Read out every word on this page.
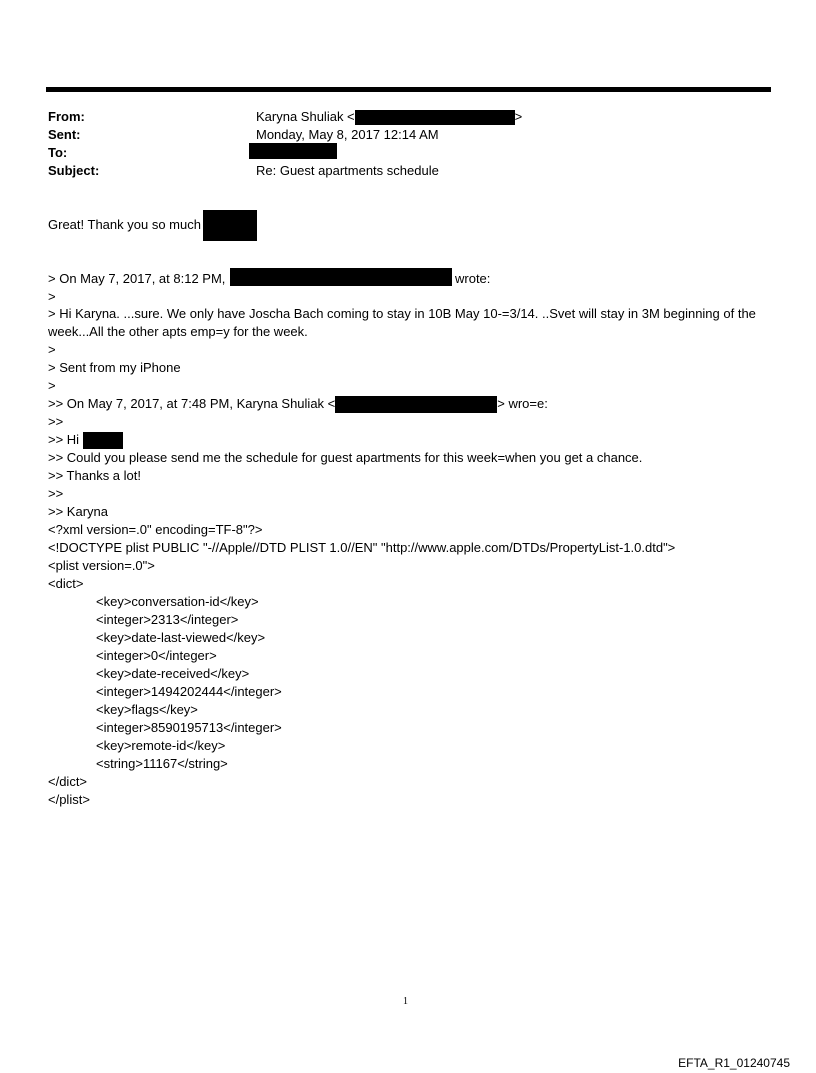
From:	Karyna Shuliak <	>
Sent:	Monday, May 8, 2017 12:14 AM
To:
Subject:	Re: Guest apartments schedule
Great! Thank you so much
> On May 7, 2017, at 8:12 PM,	wrote:
>
> Hi Karyna. ...sure. We only have Joscha Bach coming to stay in 10B May 10-=3/14. ..Svet will stay in 3M beginning of the week...All the other apts emp=y for the week.
>
> Sent from my iPhone
>
>> On May 7, 2017, at 7:48 PM, Karyna Shuliak <	> wro=e:
>>
>> Hi
>> Could you please send me the schedule for guest apartments for this week=when you get a chance.
>> Thanks a lot!
>>
>> Karyna
<?xml version=.0" encoding=TF-8"?>
<!DOCTYPE plist PUBLIC "-//Apple//DTD PLIST 1.0//EN" "http://www.apple.com/DTDs/PropertyList-1.0.dtd">
<plist version=.0">
<dict>
<key>conversation-id</key>
<integer>2313</integer>
<key>date-last-viewed</key>
<integer>0</integer>
<key>date-received</key>
<integer>1494202444</integer>
<key>flags</key>
<integer>8590195713</integer>
<key>remote-id</key>
<string>11167</string>
</dict>
</plist>
1
EFTA_R1_01240745
